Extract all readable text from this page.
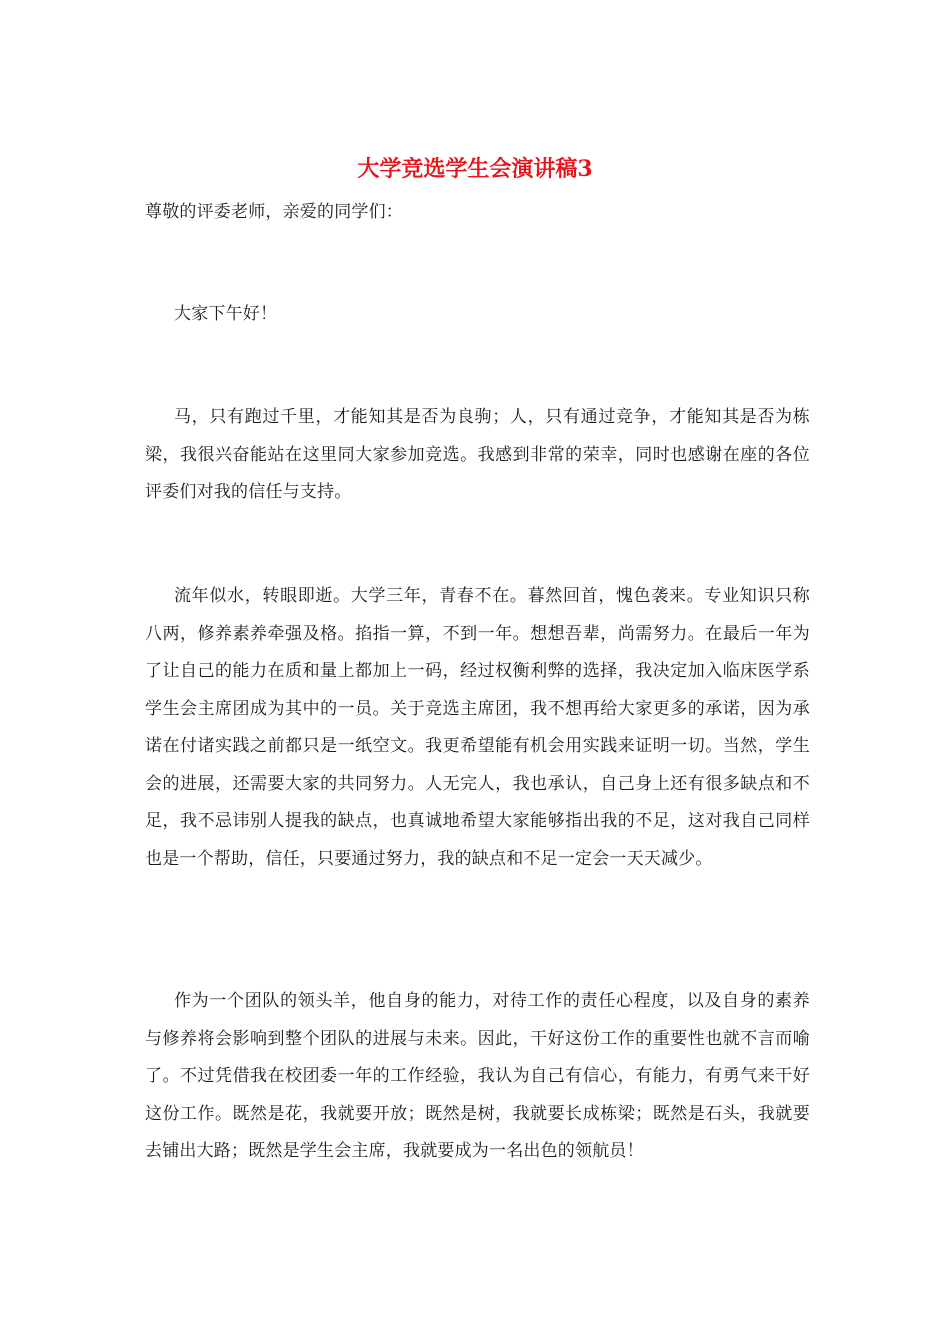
大学竞选学生会演讲稿3

尊敬的评委老师，亲爱的同学们：

大家下午好！

马，只有跑过千里，才能知其是否为良驹；人，只有通过竞争，才能知其是否为栋梁，我很兴奋能站在这里同大家参加竞选。我感到非常的荣幸，同时也感谢在座的各位评委们对我的信任与支持。

流年似水，转眼即逝。大学三年，青春不在。暮然回首，愧色袭来。专业知识只称八两，修养素养牵强及格。掐指一算，不到一年。想想吾辈，尚需努力。在最后一年为了让自己的能力在质和量上都加上一码，经过权衡利弊的选择，我决定加入临床医学系学生会主席团成为其中的一员。关于竞选主席团，我不想再给大家更多的承诺，因为承诺在付诸实践之前都只是一纸空文。我更希望能有机会用实践来证明一切。当然，学生会的进展，还需要大家的共同努力。人无完人，我也承认，自己身上还有很多缺点和不足，我不忌讳别人提我的缺点，也真诚地希望大家能够指出我的不足，这对我自己同样也是一个帮助，信任，只要通过努力，我的缺点和不足一定会一天天减少。

作为一个团队的领头羊，他自身的能力，对待工作的责任心程度，以及自身的素养与修养将会影响到整个团队的进展与未来。因此，干好这份工作的重要性也就不言而喻了。不过凭借我在校团委一年的工作经验，我认为自己有信心，有能力，有勇气来干好这份工作。既然是花，我就要开放；既然是树，我就要长成栋梁；既然是石头，我就要去铺出大路；既然是学生会主席，我就要成为一名出色的领航员！
